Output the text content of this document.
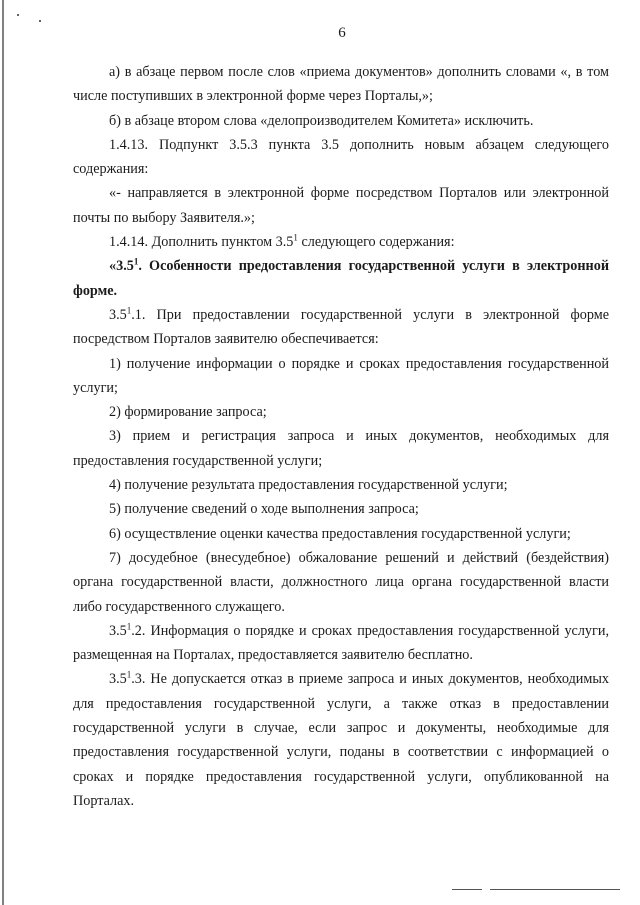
6

а) в абзаце первом после слов «приема документов» дополнить словами «, в том числе поступивших в электронной форме через Порталы,»;

б) в абзаце втором слова «делопроизводителем Комитета» исключить.

1.4.13. Подпункт 3.5.3 пункта 3.5 дополнить новым абзацем следующего содержания:

«- направляется в электронной форме посредством Порталов или электронной почты по выбору Заявителя.»;

1.4.14. Дополнить пунктом $3.5^1$ следующего содержания:

«$3.5^1$. Особенности предоставления государственной услуги в электронной форме.

$3.5^1.1$. При предоставлении государственной услуги в электронной форме посредством Порталов заявителю обеспечивается:

1) получение информации о порядке и сроках предоставления государственной услуги;

2) формирование запроса;

3) прием и регистрация запроса и иных документов, необходимых для предоставления государственной услуги;

4) получение результата предоставления государственной услуги;

5) получение сведений о ходе выполнения запроса;

6) осуществление оценки качества предоставления государственной услуги;

7) досудебное (внесудебное) обжалование решений и действий (бездействия) органа государственной власти, должностного лица органа государственной власти либо государственного служащего.

$3.5^1.2$. Информация о порядке и сроках предоставления государственной услуги, размещенная на Порталах, предоставляется заявителю бесплатно.

$3.5^1.3$. Не допускается отказ в приеме запроса и иных документов, необходимых для предоставления государственной услуги, а также отказ в предоставлении государственной услуги в случае, если запрос и документы, необходимые для предоставления государственной услуги, поданы в соответствии с информацией о сроках и порядке предоставления государственной услуги, опубликованной на Порталах.
